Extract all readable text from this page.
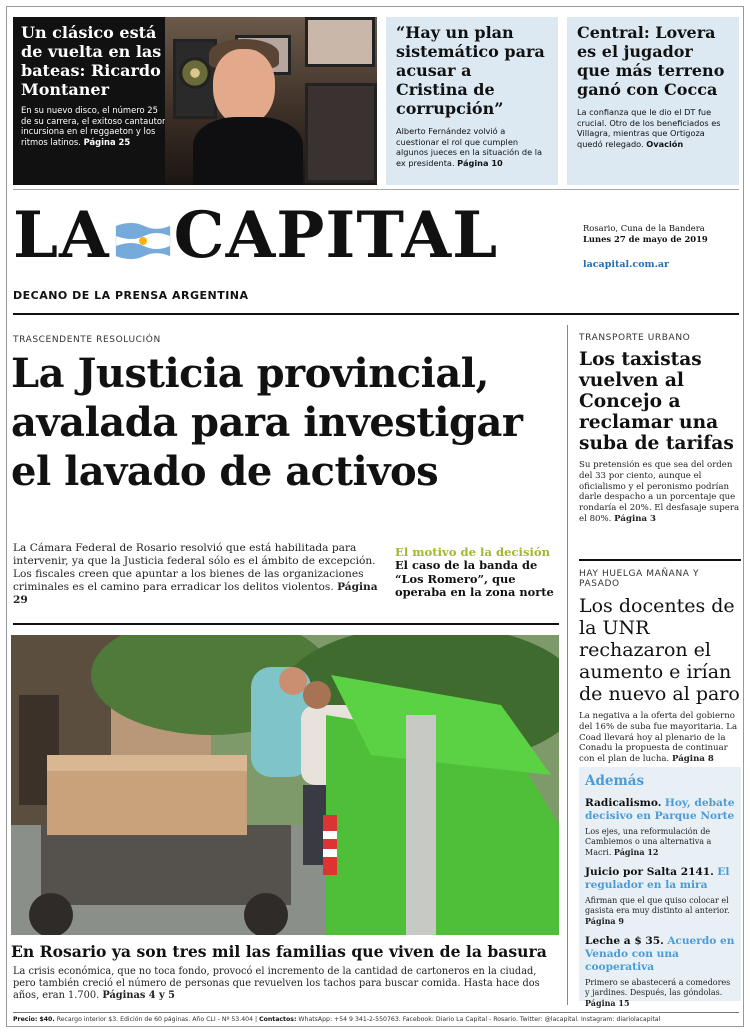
Un clásico está de vuelta en las bateas: Ricardo Montaner
En su nuevo disco, el número 25 de su carrera, el exitoso cantautor incursiona en el reggaeton y los ritmos latinos. Página 25
“Hay un plan sistemático para acusar a Cristina de corrupción”
Alberto Fernández volvió a cuestionar el rol que cumplen algunos jueces en la situación de la ex presidenta. Página 10
Central: Lovera es el jugador que más terreno ganó con Cocca
La confianza que le dio el DT fue crucial. Otro de los beneficiados es Villagra, mientras que Ortigoza quedó relegado. Ovación
LA CAPITAL
DECANO DE LA PRENSA ARGENTINA
Rosario, Cuna de la Bandera
Lunes 27 de mayo de 2019
lacapital.com.ar
TRASCENDENTE RESOLUCIÓN
La Justicia provincial, avalada para investigar el lavado de activos
La Cámara Federal de Rosario resolvió que está habilitada para intervenir, ya que la Justicia federal sólo es el ámbito de excepción. Los fiscales creen que apuntar a los bienes de las organizaciones criminales es el camino para erradicar los delitos violentos. Página 29
El motivo de la decisión
El caso de la banda de “Los Romero”, que operaba en la zona norte
En Rosario ya son tres mil las familias que viven de la basura
La crisis económica, que no toca fondo, provocó el incremento de la cantidad de cartoneros en la ciudad, pero también creció el número de personas que revuelven los tachos para buscar comida. Hasta hace dos años, eran 1.700. Páginas 4 y 5
TRANSPORTE URBANO
Los taxistas vuelven al Concejo a reclamar una suba de tarifas
Su pretensión es que sea del orden del 33 por ciento, aunque el oficialismo y el peronismo podrían darle despacho a un porcentaje que rondaría el 20%. El desfasaje supera el 80%. Página 3
HAY HUELGA MAÑANA Y PASADO
Los docentes de la UNR rechazaron el aumento e irían de nuevo al paro
La negativa a la oferta del gobierno del 16% de suba fue mayoritaria. La Coad llevará hoy al plenario de la Conadu la propuesta de continuar con el plan de lucha. Página 8
Además
Radicalismo. Hoy, debate decisivo en Parque Norte
Los ejes, una reformulación de Cambiemos o una alternativa a Macri. Página 12
Juicio por Salta 2141. El regulador en la mira
Afirman que el que quiso colocar el gasista era muy distinto al anterior. Página 9
Leche a $ 35. Acuerdo en Venado con una cooperativa
Primero se abastecerá a comedores y jardines. Después, las góndolas. Página 15
Precio: $40. Recargo interior $3. Edición de 60 páginas. Año CLI - Nº 53.404 | Contactos: WhatsApp: +54 9 341-2-550763. Facebook: Diario La Capital - Rosario. Twitter: @lacapital. Instagram: diariolacapital
